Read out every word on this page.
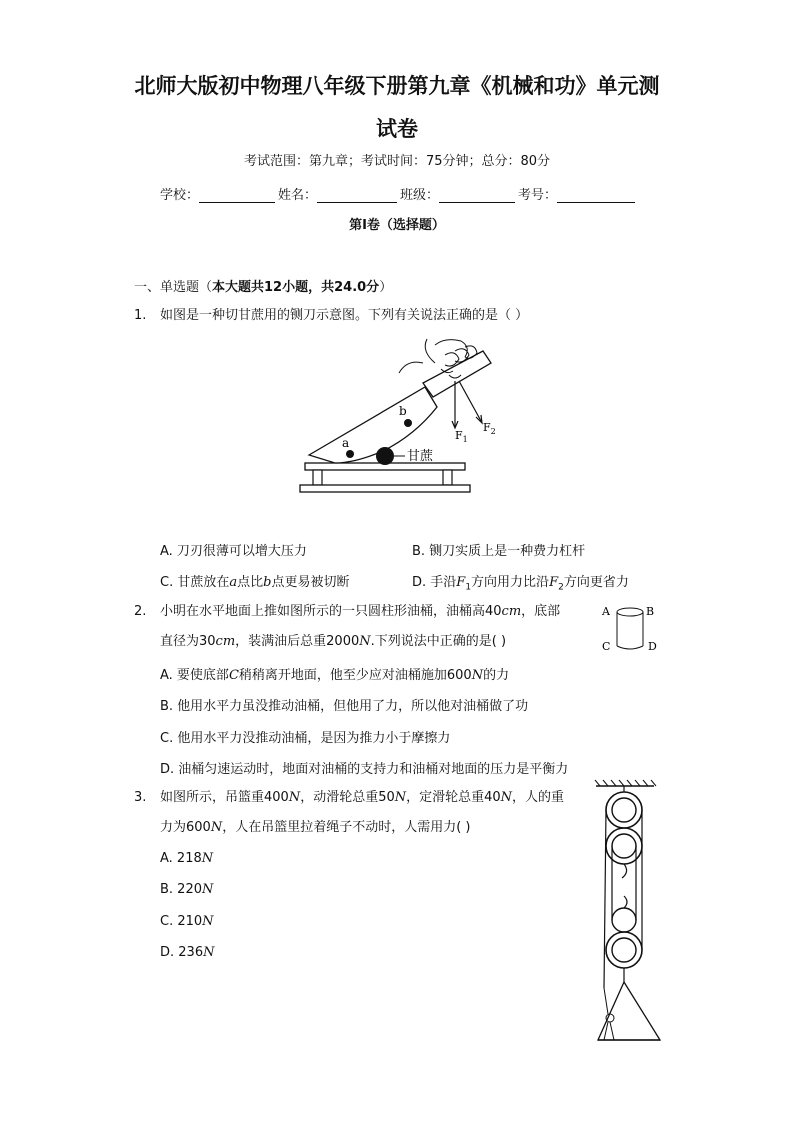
北师大版初中物理八年级下册第九章《机械和功》单元测
试卷
考试范围：第九章；考试时间：75分钟；总分：80分
学校：	姓名：	班级：	考号：
第Ⅰ卷（选择题）
一、单选题（本大题共12小题，共24.0分）
1. 如图是一种切甘蔗用的铡刀示意图。下列有关说法正确的是（ ）
$F_1$
$F_2$
a
b
甘蔗
A. 刀刃很薄可以增大压力	B. 铡刀实质上是一种费力杠杆
C. 甘蔗放在a点比b点更易被切断	D. 手沿$F_1$方向用力比沿$F_2$方向更省力
2. 小明在水平地面上推如图所示的一只圆柱形油桶，油桶高40cm，底部
直径为30cm，装满油后总重2000N.下列说法中正确的是( )
A	B
C	D
A. 要使底部C稍稍离开地面，他至少应对油桶施加600N的力
B. 他用水平力虽没推动油桶，但他用了力，所以他对油桶做了功
C. 他用水平力没推动油桶，是因为推力小于摩擦力
D. 油桶匀速运动时，地面对油桶的支持力和油桶对地面的压力是平衡力
3. 如图所示，吊篮重400N，动滑轮总重50N，定滑轮总重40N，人的重
力为600N，人在吊篮里拉着绳子不动时，人需用力( )
A. 218N
B. 220N
C. 210N
D. 236N
